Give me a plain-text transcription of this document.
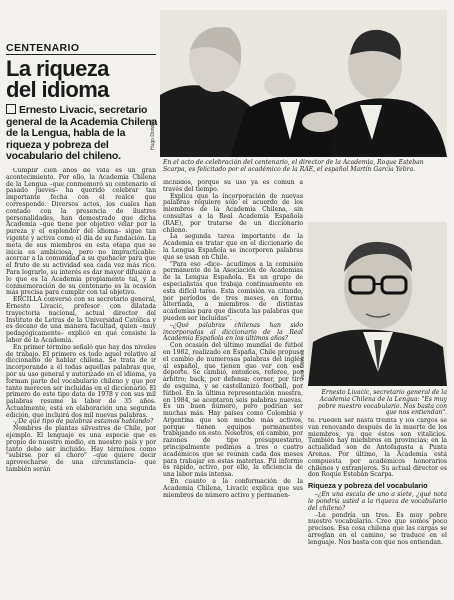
CENTENARIO
La riqueza
del idioma
Ernesto Livacic, secretario general de la Academia Chilena de la Lengua, habla de la riqueza y pobreza del vocabulario del chileno.
Hugo Donoso
En el acto de celebración del centenario, el director de la Academia, Roque Esteban Scarpa, es felicitado por el académico de la RAE, el español Martín García Yebra.

Cumplir cien años de vida es un gran acontecimiento. Por ello, la Academia Chilena de la Lengua –que conmemoró su centenario el pasado jueves– ha querido celebrar tan importante fecha con el realce que corresponde. Diversos actos, los cuales han contado con la presencia de ilustres personalidades, han demostrado que dicha Academia –que tiene por objetivo velar por la pureza y el esplendor del idioma– sigue tan vigente y activa como el día de su fundación. La meta de sus miembros en esta etapa que se inicia es ambiciosa, pero no impracticable: acercar a la comunidad a su quehacer para que el fruto de su actividad sea cada vez más rico. Para lograrlo, su interés es dar mayor difusión a lo que es la Academia propiamente tal, y la conmemoración de su centenario es la ocasión más precisa para cumplir con tal objetivo.

ERCILLA conversó con su secretario general, Ernesto Livacic, profesor con dilatada trayectoria nacional, actual director del Instituto de Letras de la Universidad Católica y es decano de una manera facultad, quien –muy pedagógicamente– explicó en qué consiste la labor de la Academia.

En primer término señaló que hay dos niveles de trabajo. El primero es todo aquel relativo al diccionario de hablar chilena. Se trata de ir incorporando a él todas aquellas palabras que, por su uso general y autorizado en el idioma, ya forman parte del vocabulario chileno y que por tanto merecen ser incluidas en el diccionario. El primero de este tipo data de 1978 y con sus mil palabras resume la labor de 35 años. Actualmente, está en elaboración una segunda edición, que incluirá dos mil nuevas palabras.

-¿De qué tipo de palabras estamos hablando?

Nombres de plantas silvestres de Chile, por ejemplo. El lenguaje es una especie que es propio de nuestro medio, en nuestro país y por tanto debe ser incluido. Hay términos como "subirse por el choro" –que quiere decir aprovecharse de una circunstancia– que también serán

incluidos, porque su uso ya es común a través del tiempo.

Explica que la incorporación de nuevas palabras requiere sólo el acuerdo de los miembros de la Academia Chilena, sin consultas a la Real Academia Española (RAE), por tratarse de un diccionario chileno.

La segunda tarea importante de la Academia es tratar que en el diccionario de la Lengua Española se incorporen palabras que se usan en Chile.

"Para eso –dice– acudimos a la comisión permanente de la Asociación de Academias de la Lengua Española. Es un grupo de especialistas que trabaja continuamente en esta difícil tarea. Esta comisión va citando, por períodos de tres meses, en forma alternada, a miembros de distintas academias para que discuta las palabras que pueden ser incluidas".

–¿Qué palabras chilenas han sido incorporadas al diccionario de la Real Academia Española en los últimos años?

Con ocasión del último mundial de fútbol en 1982, realizado en España, Chile propuso el cambio de numerosas palabras del inglés al español, que tienen que ver con ese deporte. Se cambió, entonces, referee, por árbitro; back, por defensa; corner, por tiro de esquina, y se castellanizó football, por fútbol. En la última representación nuestra, en 1984, se aceptaron seis palabras nuevas. Es un buen número, pero podrían ser muchas más. Hay países como Colombia y Argentina que son mucho más activos, porque tienen equipos permanentes trabajando en esto. Nosotros, en cambio, por razones de tipo presupuestario, principalmente pedimos a tres o cuatro académicos que se reúnan cada dos meses para trabajar en estas materias. Pil informe es rápido, activo, por ello, la eficiencia de una labor más intensa.

En cuanto a la conformación de la Academia Chilena, Livacic explica que sus miembros de número activo y permanen-

José Olivares
Ernesto Livacic, secretario general de la Academia Chilena de la Lengua: "Es muy pobre nuestro vocabulario. Nos basta con que nos entiendan".

te. Pueden ser hasta treinta y los cargos se van renovando después de la muerte de los miembros, ya que éstos son vitalicios. También hay miembros en provincias; en la actualidad son de Antofagasta a Punta Arenas. Por último, la Academia está compuesta por académicos honorarios chilenos y extranjeros. Su actual director es don Roque Esteban Scarpa.

Riqueza y pobreza del vocabulario

–¿En una escala de uno a siete, ¿qué nota le pondría usted a la riqueza de vocabulario del chileno?

–Le pondría un tres. Es muy pobre nuestro vocabulario. Creo que somos poco precisos. Esa cosa chilena que las cargas se arreglan en el camino, se traduce en el lenguaje. Nos basta con que nos entiendan.
